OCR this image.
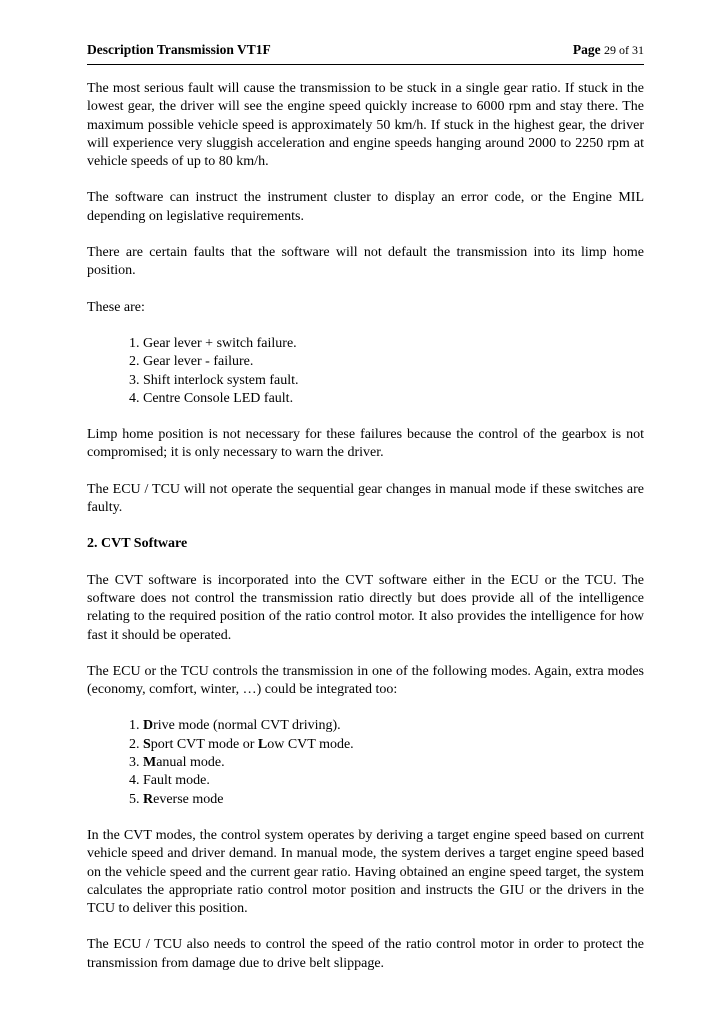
Description Transmission VT1F	Page 29 of 31

The most serious fault will cause the transmission to be stuck in a single gear ratio. If stuck in the lowest gear, the driver will see the engine speed quickly increase to 6000 rpm and stay there. The maximum possible vehicle speed is approximately 50 km/h. If stuck in the highest gear, the driver will experience very sluggish acceleration and engine speeds hanging around 2000 to 2250 rpm at vehicle speeds of up to 80 km/h.

The software can instruct the instrument cluster to display an error code, or the Engine MIL depending on legislative requirements.

There are certain faults that the software will not default the transmission into its limp home position.

These are:

1. Gear lever + switch failure.
2. Gear lever - failure.
3. Shift interlock system fault.
4. Centre Console LED fault.

Limp home position is not necessary for these failures because the control of the gearbox is not compromised; it is only necessary to warn the driver.

The ECU / TCU will not operate the sequential gear changes in manual mode if these switches are faulty.

2. CVT Software

The CVT software is incorporated into the CVT software either in the ECU or the TCU. The software does not control the transmission ratio directly but does provide all of the intelligence relating to the required position of the ratio control motor. It also provides the intelligence for how fast it should be operated.

The ECU or the TCU controls the transmission in one of the following modes. Again, extra modes (economy, comfort, winter, …) could be integrated too:

1. Drive mode (normal CVT driving).
2. Sport CVT mode or Low CVT mode.
3. Manual mode.
4. Fault mode.
5. Reverse mode

In the CVT modes, the control system operates by deriving a target engine speed based on current vehicle speed and driver demand. In manual mode, the system derives a target engine speed based on the vehicle speed and the current gear ratio. Having obtained an engine speed target, the system calculates the appropriate ratio control motor position and instructs the GIU or the drivers in the TCU to deliver this position.

The ECU / TCU also needs to control the speed of the ratio control motor in order to protect the transmission from damage due to drive belt slippage.
